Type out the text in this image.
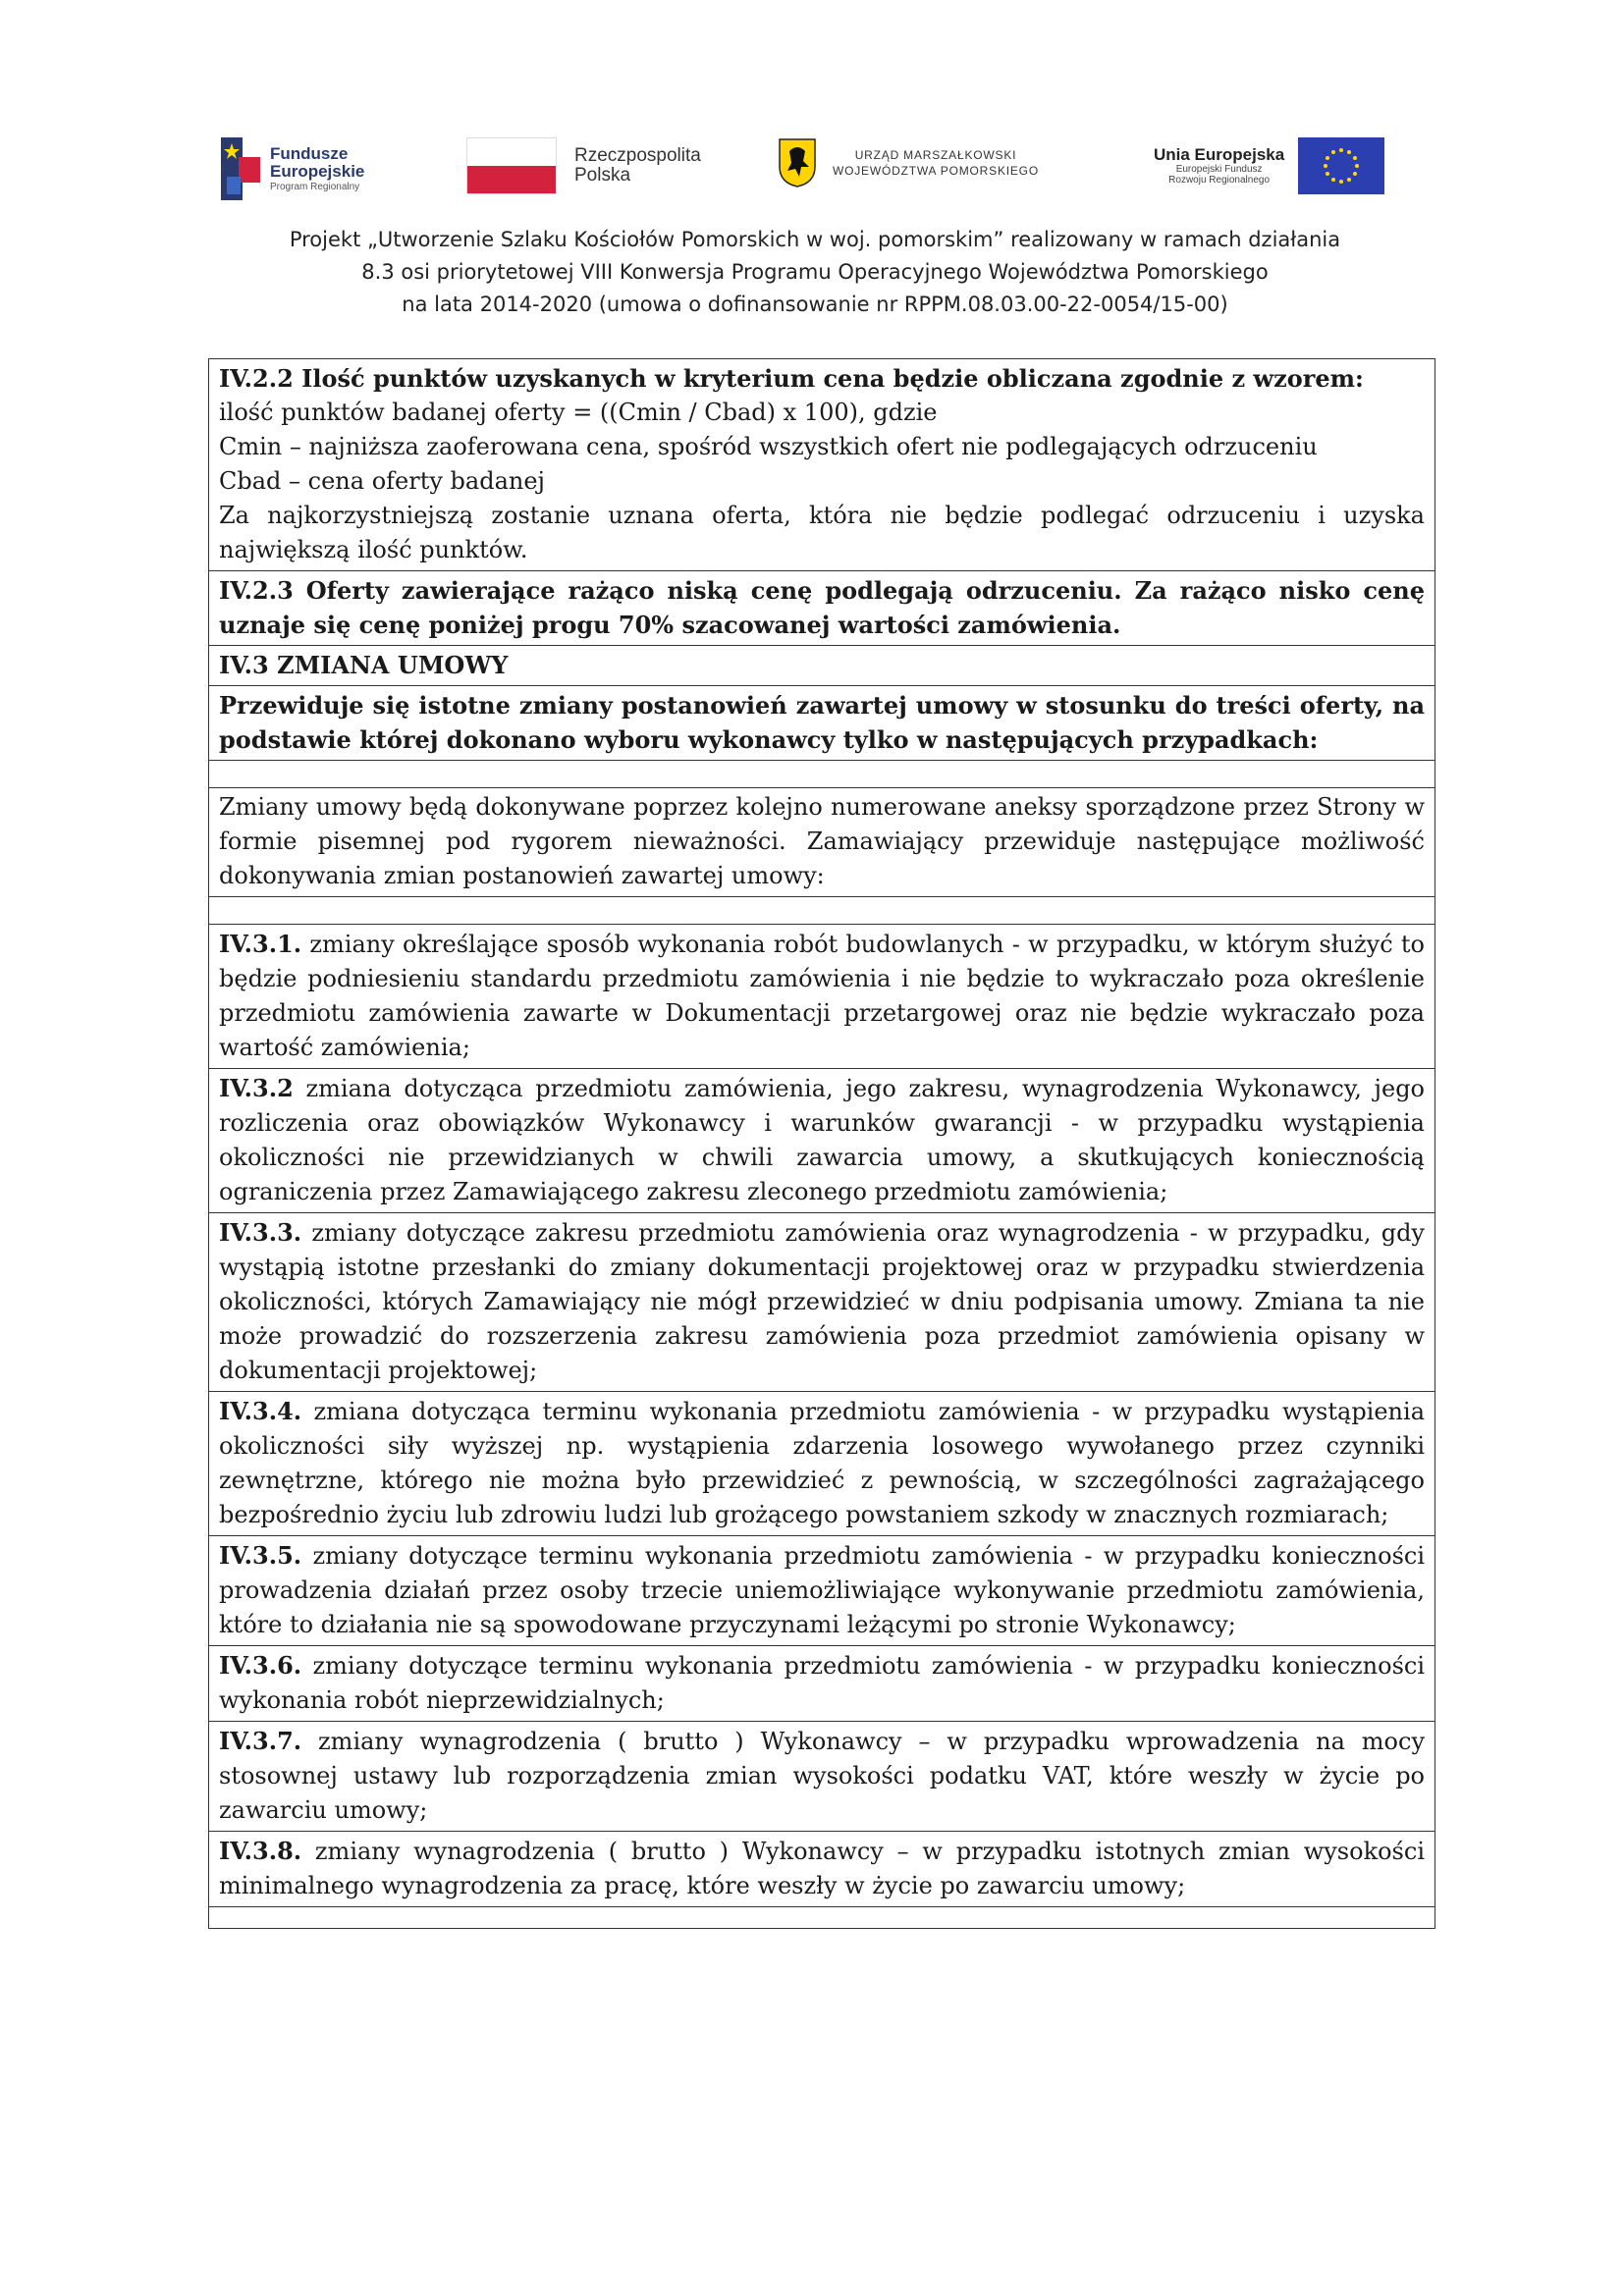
Fundusze
Europejskie
Program Regionalny
Rzeczpospolita
Polska
URZĄD MARSZAŁKOWSKI
WOJEWÓDZTWA POMORSKIEGO
Unia Europejska
Europejski Fundusz
Rozwoju Regionalnego
Projekt „Utworzenie Szlaku Kościołów Pomorskich w woj. pomorskim” realizowany w ramach działania
8.3 osi priorytetowej VIII Konwersja Programu Operacyjnego Województwa Pomorskiego
na lata 2014-2020 (umowa o dofinansowanie nr RPPM.08.03.00-22-0054/15-00)

IV.2.2 Ilość punktów uzyskanych w kryterium cena będzie obliczana zgodnie z wzorem:

ilość punktów badanej oferty = ((Cmin / Cbad) x 100), gdzie

Cmin – najniższa zaoferowana cena, spośród wszystkich ofert nie podlegających odrzuceniu

Cbad – cena oferty badanej

Za najkorzystniejszą zostanie uznana oferta, która nie będzie podlegać odrzuceniu i uzyska największą ilość punktów.

IV.2.3 Oferty zawierające rażąco niską cenę podlegają odrzuceniu. Za rażąco nisko cenę uznaje się cenę poniżej progu 70% szacowanej wartości zamówienia.

IV.3 ZMIANA UMOWY

Przewiduje się istotne zmiany postanowień zawartej umowy w stosunku do treści oferty, na podstawie której dokonano wyboru wykonawcy tylko w następujących przypadkach:

Zmiany umowy będą dokonywane poprzez kolejno numerowane aneksy sporządzone przez Strony w formie pisemnej pod rygorem nieważności. Zamawiający przewiduje następujące możliwość dokonywania zmian postanowień zawartej umowy:

IV.3.1. zmiany określające sposób wykonania robót budowlanych - w przypadku, w którym służyć to będzie podniesieniu standardu przedmiotu zamówienia i nie będzie to wykraczało poza określenie przedmiotu zamówienia zawarte w Dokumentacji przetargowej oraz nie będzie wykraczało poza wartość zamówienia;

IV.3.2 zmiana dotycząca przedmiotu zamówienia, jego zakresu, wynagrodzenia Wykonawcy, jego rozliczenia oraz obowiązków Wykonawcy i warunków gwarancji - w przypadku wystąpienia okoliczności nie przewidzianych w chwili zawarcia umowy, a skutkujących koniecznością ograniczenia przez Zamawiającego zakresu zleconego przedmiotu zamówienia;

IV.3.3. zmiany dotyczące zakresu przedmiotu zamówienia oraz wynagrodzenia - w przypadku, gdy wystąpią istotne przesłanki do zmiany dokumentacji projektowej oraz w przypadku stwierdzenia okoliczności, których Zamawiający nie mógł przewidzieć w dniu podpisania umowy. Zmiana ta nie może prowadzić do rozszerzenia zakresu zamówienia poza przedmiot zamówienia opisany w dokumentacji projektowej;

IV.3.4. zmiana dotycząca terminu wykonania przedmiotu zamówienia - w przypadku wystąpienia okoliczności siły wyższej np. wystąpienia zdarzenia losowego wywołanego przez czynniki zewnętrzne, którego nie można było przewidzieć z pewnością, w szczególności zagrażającego bezpośrednio życiu lub zdrowiu ludzi lub grożącego powstaniem szkody w znacznych rozmiarach;

IV.3.5. zmiany dotyczące terminu wykonania przedmiotu zamówienia - w przypadku konieczności prowadzenia działań przez osoby trzecie uniemożliwiające wykonywanie przedmiotu zamówienia, które to działania nie są spowodowane przyczynami leżącymi po stronie Wykonawcy;

IV.3.6. zmiany dotyczące terminu wykonania przedmiotu zamówienia - w przypadku konieczności wykonania robót nieprzewidzialnych;

IV.3.7. zmiany wynagrodzenia ( brutto ) Wykonawcy – w przypadku wprowadzenia na mocy stosownej ustawy lub rozporządzenia zmian wysokości podatku VAT, które weszły w życie po zawarciu umowy;

IV.3.8. zmiany wynagrodzenia ( brutto ) Wykonawcy – w przypadku istotnych zmian wysokości minimalnego wynagrodzenia za pracę, które weszły w życie po zawarciu umowy;
